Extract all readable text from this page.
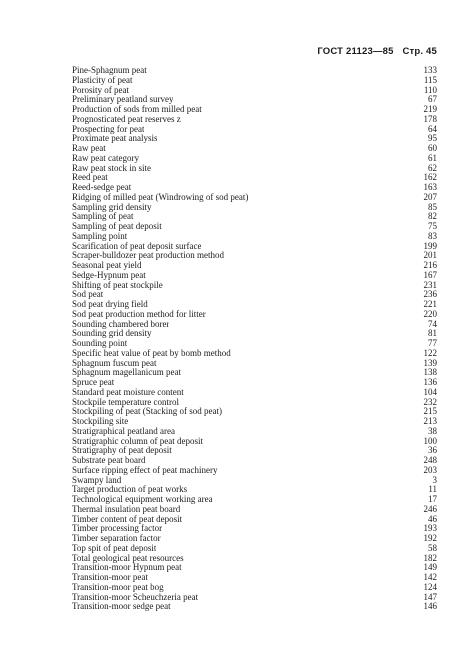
ГОСТ 21123—85 Стр. 45
Pine-Sphagnum peat	133
Plasticity of peat	115
Porosity of peat	110
Preliminary peatland survey	67
Production of sods from milled peat	219
Prognosticated peat reserves z	178
Prospecting for peat	64
Proximate peat analysis	95
Raw peat	60
Raw peat category	61
Raw peat stock in site	62
Reed peat	162
Reed-sedge peat	163
Ridging of milled peat (Windrowing of sod peat)	207
Sampling grid density	85
Sampling of peat	82
Sampling of peat deposit	75
Sampling point	83
Scarification of peat deposit surface	199
Scraper-bulldozer peat production method	201
Seasonal peat yield	216
Sedge-Hypnum peat	167
Shifting of peat stockpile	231
Sod peat	236
Sod peat drying field	221
Sod peat production method for litter	220
Sounding chambered borer	74
Sounding grid density	81
Sounding point	77
Specific heat value of peat by bomb method	122
Sphagnum fuscum peat	139
Sphagnum magellanicum peat	138
Spruce peat	136
Standard peat moisture content	104
Stockpile temperature control	232
Stockpiling of peat (Stacking of sod peat)	215
Stockpiling site	213
Stratigraphical peatland area	38
Stratigraphic column of peat deposit	100
Stratigraphy of peat deposit	36
Substrate peat board	248
Surface ripping effect of peat machinery	203
Swampy land	3
Target production of peat works	11
Technological equipment working area	17
Thermal insulation peat board	246
Timber content of peat deposit	46
Timber processing factor	193
Timber separation factor	192
Top spit of peat deposit	58
Total geological peat resources	182
Transition-moor Hypnum peat	149
Transition-moor peat	142
Transition-moor peat bog	124
Transition-moor Scheuchzeria peat	147
Transition-moor sedge peat	146
